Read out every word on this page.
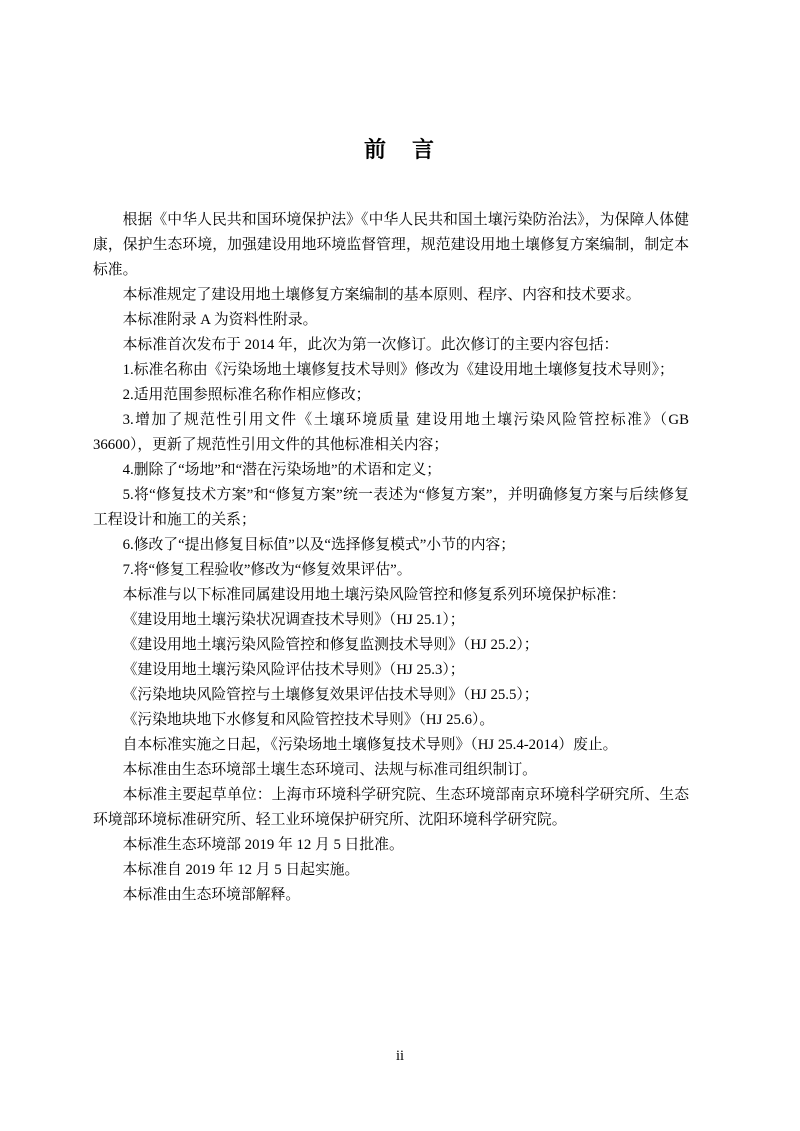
前　言

根据《中华人民共和国环境保护法》《中华人民共和国土壤污染防治法》，为保障人体健康，保护生态环境，加强建设用地环境监督管理，规范建设用地土壤修复方案编制，制定本标准。

本标准规定了建设用地土壤修复方案编制的基本原则、程序、内容和技术要求。

本标准附录 A 为资料性附录。

本标准首次发布于 2014 年，此次为第一次修订。此次修订的主要内容包括：

1.标准名称由《污染场地土壤修复技术导则》修改为《建设用地土壤修复技术导则》；

2.适用范围参照标准名称作相应修改；

3.增加了规范性引用文件《土壤环境质量 建设用地土壤污染风险管控标准》（GB 36600），更新了规范性引用文件的其他标准相关内容；

4.删除了“场地”和“潜在污染场地”的术语和定义；

5.将“修复技术方案”和“修复方案”统一表述为“修复方案”，并明确修复方案与后续修复工程设计和施工的关系；

6.修改了“提出修复目标值”以及“选择修复模式”小节的内容；

7.将“修复工程验收”修改为“修复效果评估”。

本标准与以下标准同属建设用地土壤污染风险管控和修复系列环境保护标准：

《建设用地土壤污染状况调查技术导则》（HJ 25.1）；

《建设用地土壤污染风险管控和修复监测技术导则》（HJ 25.2）；

《建设用地土壤污染风险评估技术导则》（HJ 25.3）；

《污染地块风险管控与土壤修复效果评估技术导则》（HJ 25.5）；

《污染地块地下水修复和风险管控技术导则》（HJ 25.6）。

自本标准实施之日起，《污染场地土壤修复技术导则》（HJ 25.4-2014）废止。

本标准由生态环境部土壤生态环境司、法规与标准司组织制订。

本标准主要起草单位：上海市环境科学研究院、生态环境部南京环境科学研究所、生态环境部环境标准研究所、轻工业环境保护研究所、沈阳环境科学研究院。

本标准生态环境部 2019 年 12 月 5 日批准。

本标准自 2019 年 12 月 5 日起实施。

本标准由生态环境部解释。

ii
